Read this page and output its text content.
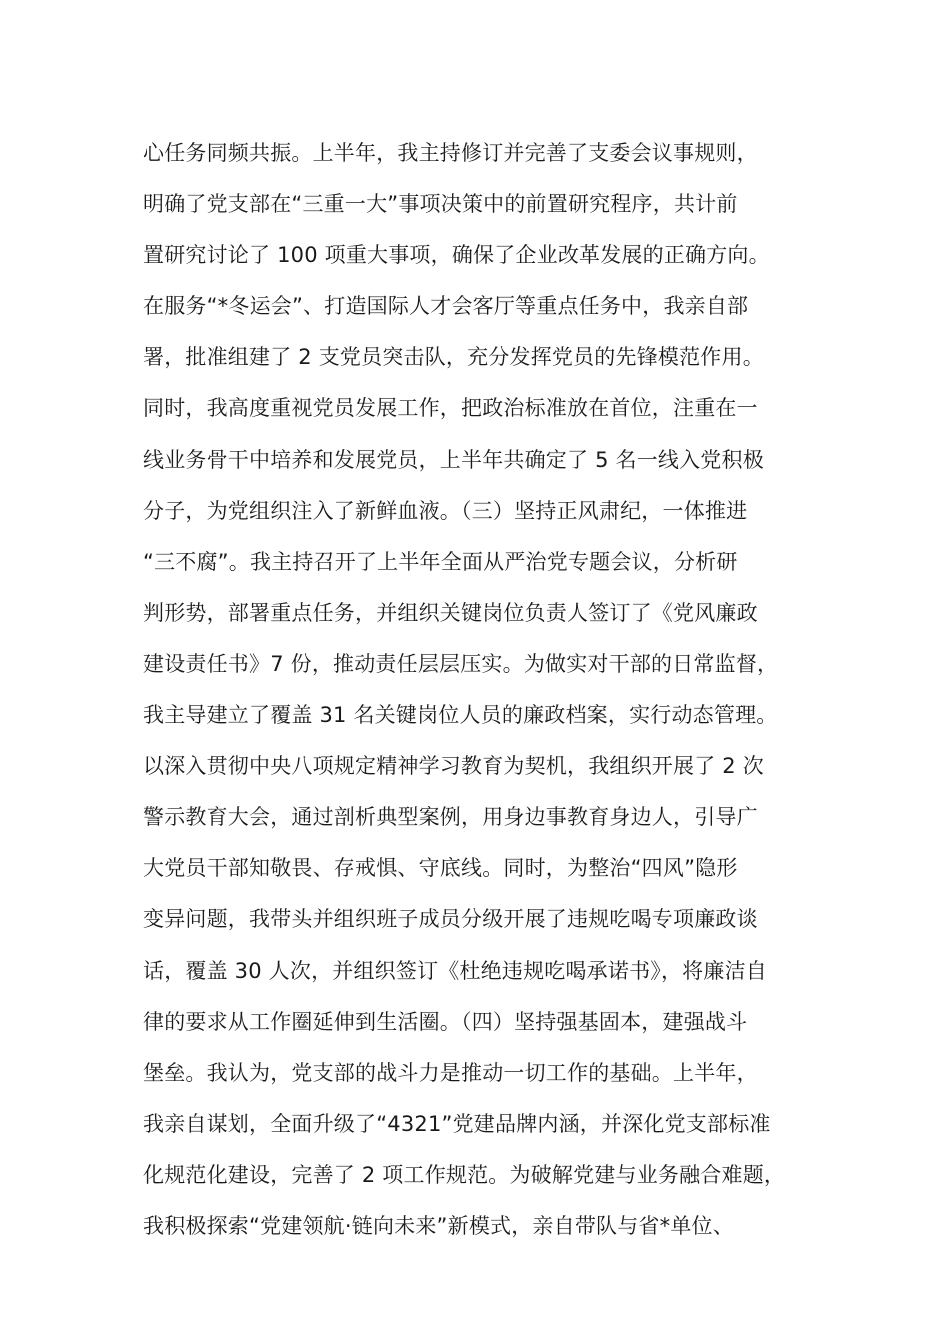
心任务同频共振。上半年，我主持修订并完善了支委会议事规则，
明确了党支部在“三重一大”事项决策中的前置研究程序，共计前
置研究讨论了 100 项重大事项，确保了企业改革发展的正确方向。
在服务“*冬运会”、打造国际人才会客厅等重点任务中，我亲自部
署，批准组建了 2 支党员突击队，充分发挥党员的先锋模范作用。
同时，我高度重视党员发展工作，把政治标准放在首位，注重在一
线业务骨干中培养和发展党员，上半年共确定了 5 名一线入党积极
分子，为党组织注入了新鲜血液。（三）坚持正风肃纪，一体推进
“三不腐”。我主持召开了上半年全面从严治党专题会议，分析研
判形势，部署重点任务，并组织关键岗位负责人签订了《党风廉政
建设责任书》7 份，推动责任层层压实。为做实对干部的日常监督，
我主导建立了覆盖 31 名关键岗位人员的廉政档案，实行动态管理。
以深入贯彻中央八项规定精神学习教育为契机，我组织开展了 2 次
警示教育大会，通过剖析典型案例，用身边事教育身边人，引导广
大党员干部知敬畏、存戒惧、守底线。同时，为整治“四风”隐形
变异问题，我带头并组织班子成员分级开展了违规吃喝专项廉政谈
话，覆盖 30 人次，并组织签订《杜绝违规吃喝承诺书》，将廉洁自
律的要求从工作圈延伸到生活圈。（四）坚持强基固本，建强战斗
堡垒。我认为，党支部的战斗力是推动一切工作的基础。上半年，
我亲自谋划，全面升级了“4321”党建品牌内涵，并深化党支部标准
化规范化建设，完善了 2 项工作规范。为破解党建与业务融合难题，
我积极探索“党建领航·链向未来”新模式，亲自带队与省*单位、
